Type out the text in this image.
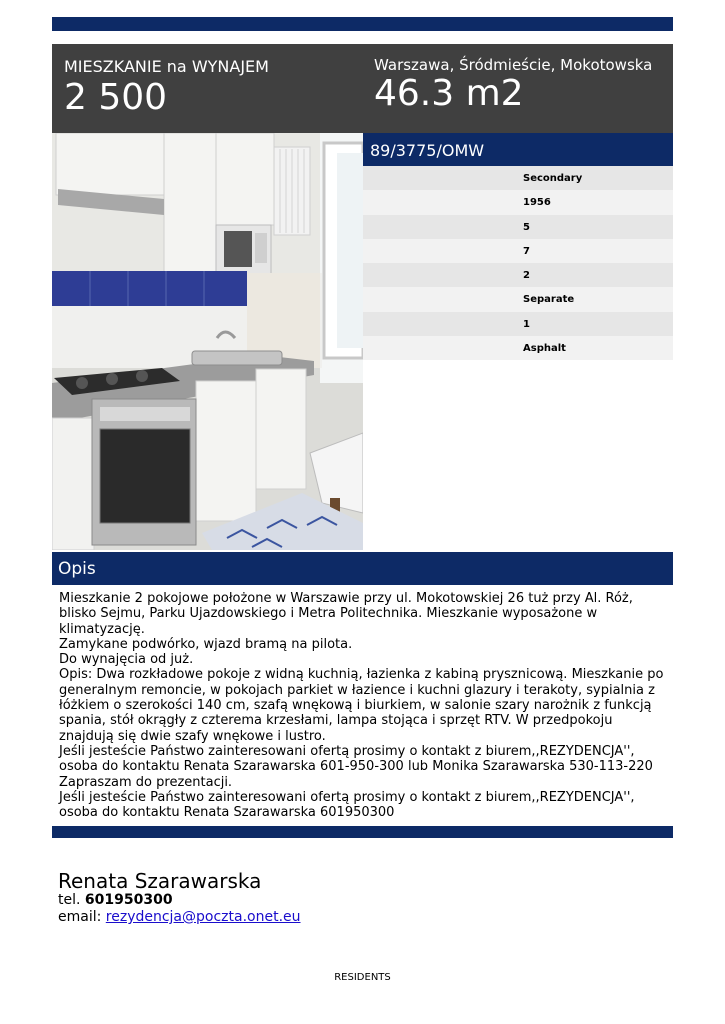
MIESZKANIE na WYNAJEM
2 500
Warszawa, Śródmieście, Mokotowska
46.3 m2
89/3775/OMW
Secondary
1956
5
7
2
Separate
1
Asphalt
Opis

Mieszkanie 2 pokojowe położone w Warszawie przy ul. Mokotowskiej 26 tuż przy Al. Róż, blisko Sejmu, Parku Ujazdowskiego i Metra Politechnika. Mieszkanie wyposażone w klimatyzację.

Zamykane podwórko, wjazd bramą na pilota.

Do wynajęcia od już.

Opis: Dwa rozkładowe pokoje z widną kuchnią, łazienka z kabiną prysznicową. Mieszkanie po generalnym remoncie, w pokojach parkiet w łazience i kuchni glazury i terakoty, sypialnia z łóżkiem o szerokości 140 cm, szafą wnękową i biurkiem, w salonie szary narożnik z funkcją spania, stół okrągły z czterema krzesłami, lampa stojąca i sprzęt RTV. W przedpokoju znajdują się dwie szafy wnękowe i lustro.

Jeśli jesteście Państwo zainteresowani ofertą prosimy o kontakt z biurem,,REZYDENCJA'', osoba do kontaktu Renata Szarawarska 601-950-300 lub Monika Szarawarska 530-113-220

Zapraszam do prezentacji.

Jeśli jesteście Państwo zainteresowani ofertą prosimy o kontakt z biurem,,REZYDENCJA'', osoba do kontaktu Renata Szarawarska 601950300

Renata Szarawarska
tel. 601950300
email: rezydencja@poczta.onet.eu
RESIDENTS
